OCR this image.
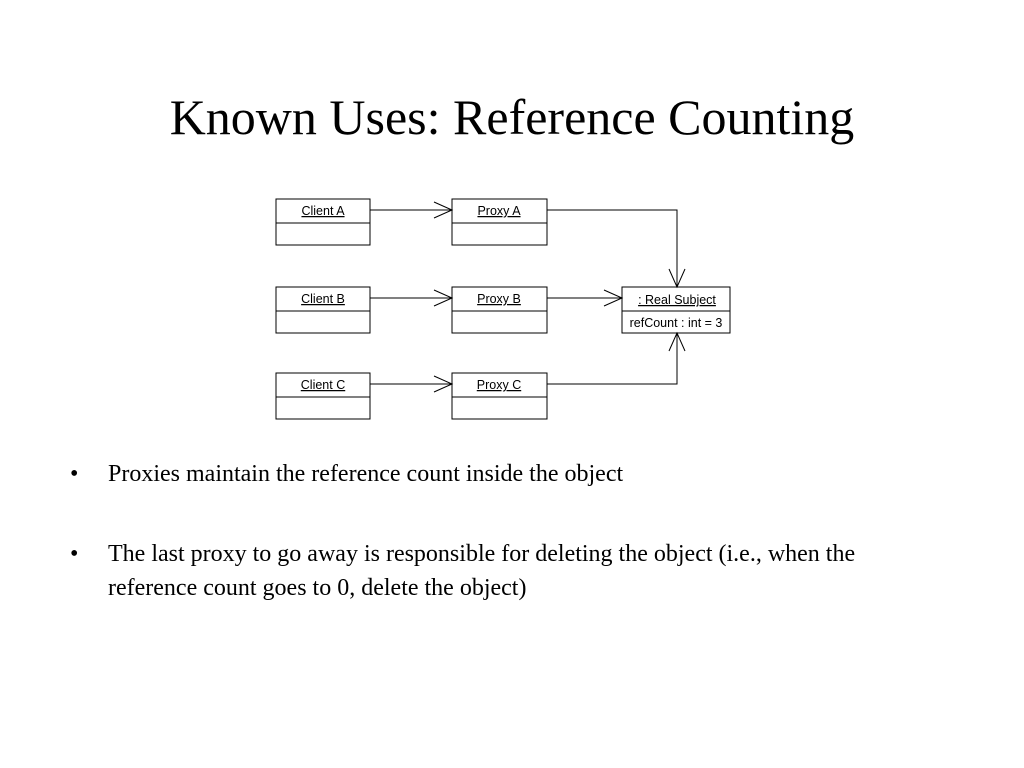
Known Uses: Reference Counting
Client A
Client B
Client C
Proxy A
Proxy B
Proxy C
: Real Subject
refCount : int = 3
• Proxies maintain the reference count inside the object
• The last proxy to go away is responsible for deleting the object (i.e., when the reference count goes to 0, delete the object)
